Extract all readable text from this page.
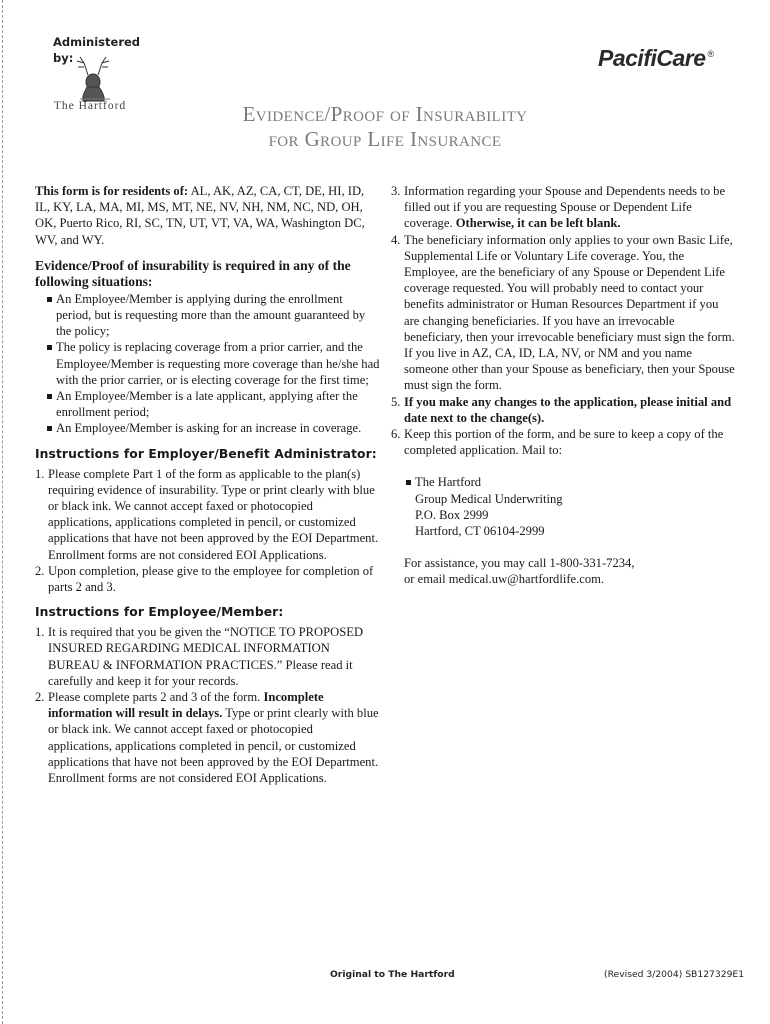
Administered by:
The Hartford
PacifiCare ®
Evidence/Proof of Insurability
for Group Life Insurance

This form is for residents of: AL, AK, AZ, CA, CT, DE, HI, ID, IL, KY, LA, MA, MI, MS, MT, NE, NV, NH, NM, NC, ND, OH, OK, Puerto Rico, RI, SC, TN, UT, VT, VA, WA, Washington DC, WV, and WY.

Evidence/Proof of insurability is required in any of the following situations:

An Employee/Member is applying during the enrollment period, but is requesting more than the amount guaranteed by the policy;
The policy is replacing coverage from a prior carrier, and the Employee/Member is requesting more coverage than he/she had with the prior carrier, or is electing coverage for the first time;
An Employee/Member is a late applicant, applying after the enrollment period;
An Employee/Member is asking for an increase in coverage.
Instructions for Employer/Benefit Administrator:
1. Please complete Part 1 of the form as applicable to the plan(s) requiring evidence of insurability. Type or print clearly with blue or black ink. We cannot accept faxed or photocopied applications, applications completed in pencil, or customized applications that have not been approved by the EOI Department. Enrollment forms are not considered EOI Applications.
2. Upon completion, please give to the employee for completion of parts 2 and 3.
Instructions for Employee/Member:
1. It is required that you be given the “NOTICE TO PROPOSED INSURED REGARDING MEDICAL INFORMATION BUREAU & INFORMATION PRACTICES.” Please read it carefully and keep it for your records.
2. Please complete parts 2 and 3 of the form. Incomplete information will result in delays. Type or print clearly with blue or black ink. We cannot accept faxed or photocopied applications, applications completed in pencil, or customized applications that have not been approved by the EOI Department. Enrollment forms are not considered EOI Applications.
3. Information regarding your Spouse and Dependents needs to be filled out if you are requesting Spouse or Dependent Life coverage. Otherwise, it can be left blank.
4. The beneficiary information only applies to your own Basic Life, Supplemental Life or Voluntary Life coverage. You, the Employee, are the beneficiary of any Spouse or Dependent Life coverage requested. You will probably need to contact your benefits administrator or Human Resources Department if you are changing beneficiaries. If you have an irrevocable beneficiary, then your irrevocable beneficiary must sign the form. If you live in AZ, CA, ID, LA, NV, or NM and you name someone other than your Spouse as beneficiary, then your Spouse must sign the form.
5. If you make any changes to the application, please initial and date next to the change(s).
6. Keep this portion of the form, and be sure to keep a copy of the completed application. Mail to:
The Hartford
Group Medical Underwriting
P.O. Box 2999
Hartford, CT 06104-2999
For assistance, you may call 1-800-331-7234,
or email medical.uw@hartfordlife.com.
Original to The Hartford	(Revised 3/2004) SB127329E1
